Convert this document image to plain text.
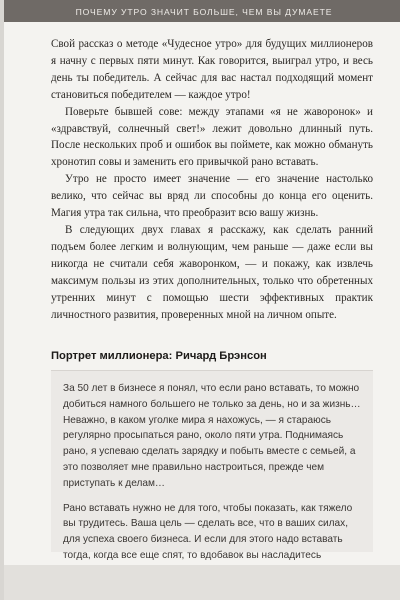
ПОЧЕМУ УТРО ЗНАЧИТ БОЛЬШЕ, ЧЕМ ВЫ ДУМАЕТЕ

Свой рассказ о методе «Чудесное утро» для будущих миллионеров я начну с первых пяти минут. Как говорится, выиграл утро, и весь день ты победитель. А сейчас для вас настал подходящий момент становиться победителем — каждое утро!

Поверьте бывшей сове: между этапами «я не жаворонок» и «здравствуй, солнечный свет!» лежит довольно длинный путь. После нескольких проб и ошибок вы поймете, как можно обмануть хронотип совы и заменить его привычкой рано вставать.

Утро не просто имеет значение — его значение настолько велико, что сейчас вы вряд ли способны до конца его оценить. Магия утра так сильна, что преобразит всю вашу жизнь.

В следующих двух главах я расскажу, как сделать ранний подъем более легким и волнующим, чем раньше — даже если вы никогда не считали себя жаворонком, — и покажу, как извлечь максимум пользы из этих дополнительных, только что обретенных утренних минут с помощью шести эффективных практик личностного развития, проверенных мной на личном опыте.

Портрет миллионера: Ричард Брэнсон

За 50 лет в бизнесе я понял, что если рано вставать, то можно добиться намного большего не только за день, но и за жизнь… Неважно, в каком уголке мира я нахожусь, — я стараюсь регулярно просыпаться рано, около пяти утра. Поднимаясь рано, я успеваю сделать зарядку и побыть вместе с семьей, а это позволяет мне правильно настроиться, прежде чем приступать к делам…

Рано вставать нужно не для того, чтобы показать, как тяжело вы трудитесь. Ваша цель — сделать все, что в ваших силах, для успеха своего бизнеса. И если для этого надо вставать тогда, когда все еще спят, то вдобавок вы насладитесь
